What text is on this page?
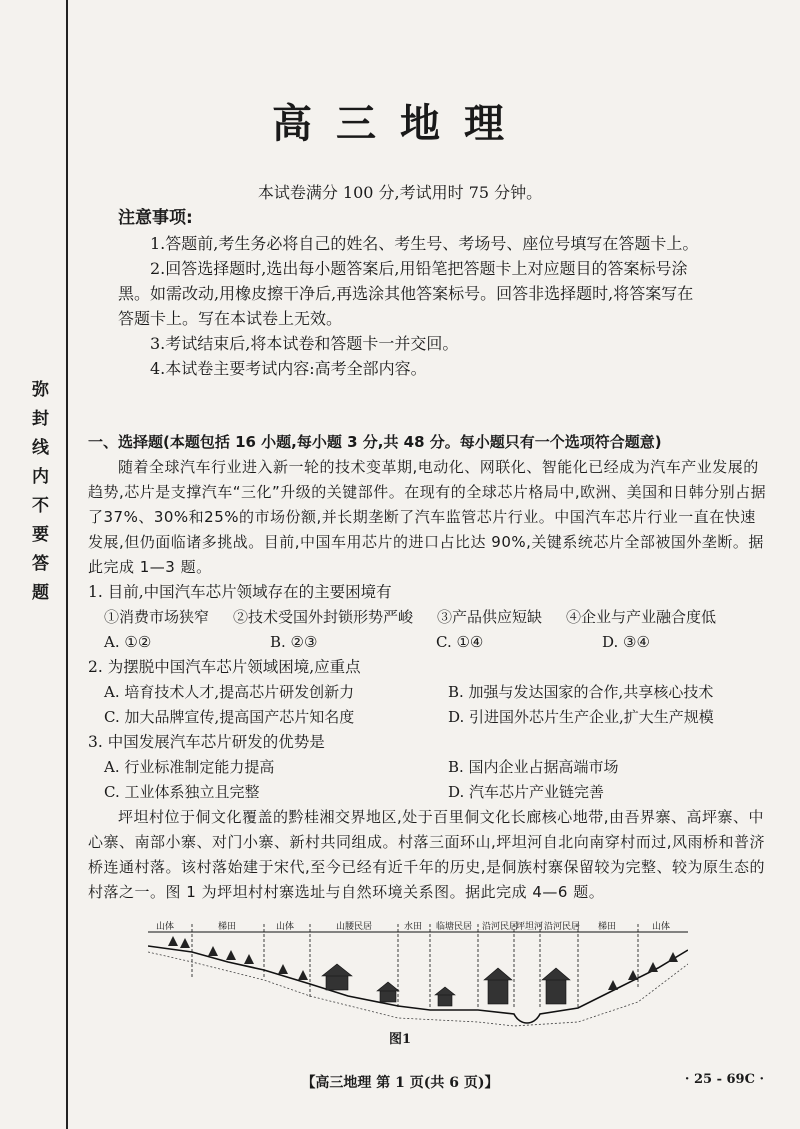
弥封线内不要答题
高三地理
本试卷满分 100 分,考试用时 75 分钟。
注意事项:

1.答题前,考生务必将自己的姓名、考生号、考场号、座位号填写在答题卡上。

2.回答选择题时,选出每小题答案后,用铅笔把答题卡上对应题目的答案标号涂

黑。如需改动,用橡皮擦干净后,再选涂其他答案标号。回答非选择题时,将答案写在

答题卡上。写在本试卷上无效。

3.考试结束后,将本试卷和答题卡一并交回。

4.本试卷主要考试内容:高考全部内容。

一、选择题(本题包括 16 小题,每小题 3 分,共 48 分。每小题只有一个选项符合题意)

随着全球汽车行业进入新一轮的技术变革期,电动化、网联化、智能化已经成为汽车产业发展的趋势,芯片是支撑汽车“三化”升级的关键部件。在现有的全球芯片格局中,欧洲、美国和日韩分别占据了37%、30%和25%的市场份额,并长期垄断了汽车监管芯片行业。中国汽车芯片行业一直在快速发展,但仍面临诸多挑战。目前,中国车用芯片的进口占比达 90%,关键系统芯片全部被国外垄断。据此完成 1—3 题。

1. 目前,中国汽车芯片领域存在的主要困境有

①消费市场狭窄 ②技术受国外封锁形势严峻 ③产品供应短缺 ④企业与产业融合度低
A. ①②	B. ②③	C. ①④	D. ③④

2. 为摆脱中国汽车芯片领域困境,应重点

A. 培育技术人才,提高芯片研发创新力	B. 加强与发达国家的合作,共享核心技术
C. 加大品牌宣传,提高国产芯片知名度	D. 引进国外芯片生产企业,扩大生产规模

3. 中国发展汽车芯片研发的优势是

A. 行业标准制定能力提高	B. 国内企业占据高端市场
C. 工业体系独立且完整	D. 汽车芯片产业链完善

坪坦村位于侗文化覆盖的黔桂湘交界地区,处于百里侗文化长廊核心地带,由吾界寨、高坪寨、中心寨、南部小寨、对门小寨、新村共同组成。村落三面环山,坪坦河自北向南穿村而过,风雨桥和普济桥连通村落。该村落始建于宋代,至今已经有近千年的历史,是侗族村寨保留较为完整、较为原生态的村落之一。图 1 为坪坦村村寨选址与自然环境关系图。据此完成 4—6 题。

山体	梯田	山体	山腰民居	水田 临塘民居 沿河民居
坪坦河 沿河民居 梯田	山体
图1
【高三地理 第 1 页(共 6 页)】	· 25 - 69C ·
